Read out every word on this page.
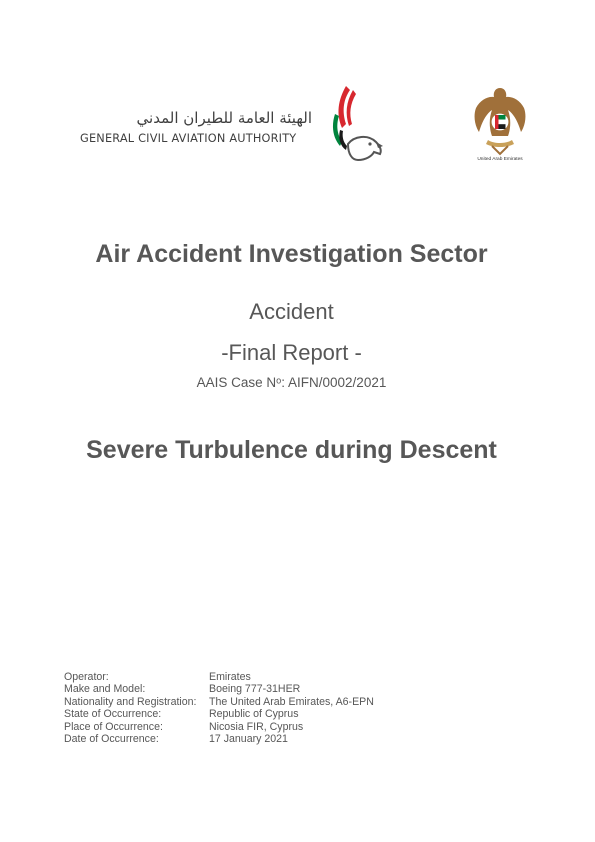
الهيئة العامة للطيران المدني
GENERAL CIVIL AVIATION AUTHORITY
United Arab Emirates
Air Accident Investigation Sector
Accident
-Final Report -
AAIS Case Nᵒ: AIFN/0002/2021
Severe Turbulence during Descent
Operator:	Emirates
Make and Model:	Boeing 777-31HER
Nationality and Registration:	The United Arab Emirates, A6-EPN
State of Occurrence:	Republic of Cyprus
Place of Occurrence:	Nicosia FIR, Cyprus
Date of Occurrence:	17 January 2021
